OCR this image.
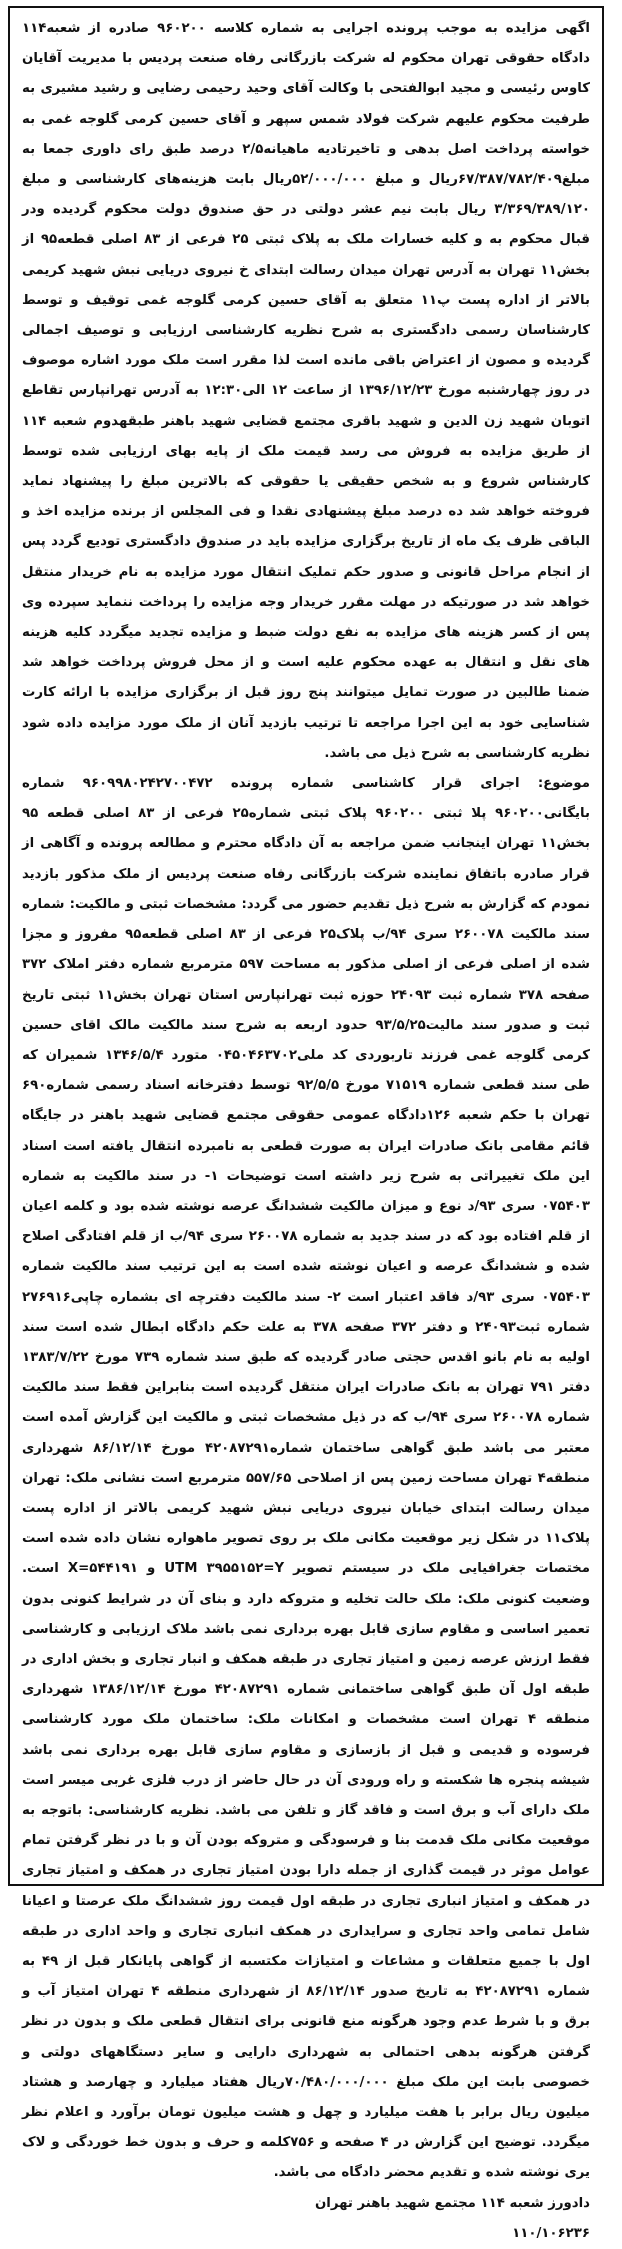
اگهی مزایده به موجب پرونده اجرایی به شماره کلاسه ۹۶۰۲۰۰ صادره از شعبه۱۱۴ دادگاه حقوقی تهران محکوم له شرکت بازرگانی رفاه صنعت پردیس با مدیریت آقایان کاوس رئیسی و مجید ابوالفتحی با وکالت آقای وحید رحیمی رضایی و رشید مشیری به طرفیت محکوم علیهم شرکت فولاد شمس سپهر و آقای حسین کرمی گلوجه غمی به خواسته پرداخت اصل بدهی و تاخیرتادیه ماهیانه۲/۵ درصد طبق رای داوری جمعا به مبلغ۶۷/۳۸۷/۷۸۲/۴۰۹ریال و مبلغ ۵۲/۰۰۰/۰۰۰ریال بابت هزینه‌های کارشناسی و مبلغ ۳/۳۶۹/۳۸۹/۱۲۰ ریال بابت نیم عشر دولتی در حق صندوق دولت محکوم گردیده ودر قبال محکوم به و کلیه خسارات ملک به پلاک ثبتی ۲۵ فرعی از ۸۳ اصلی قطعه۹۵ از بخش۱۱ تهران به آدرس تهران میدان رسالت ابتدای خ نیروی دریایی نبش شهید کریمی بالاتر از اداره پست پ۱۱ متعلق به آقای حسین کرمی گلوجه غمی توقیف و توسط کارشناسان رسمی دادگستری به شرح نظریه کارشناسی ارزیابی و توصیف اجمالی گردیده و مصون از اعتراض باقی مانده است لذا مقرر است ملک مورد اشاره موصوف در روز چهارشنبه مورخ ۱۳۹۶/۱۲/۲۳ از ساعت ۱۲ الی۱۲:۳۰ به آدرس تهرانپارس تقاطع اتوبان شهید زن الدین و شهید باقری مجتمع قضایی شهید باهنر طبقهدوم شعبه ۱۱۴ از طریق مزایده به فروش می رسد قیمت ملک از پایه بهای ارزیابی شده توسط کارشناس شروع و به شخص حقیقی یا حقوقی که بالاترین مبلغ را پیشنهاد نماید فروخته خواهد شد ده درصد مبلغ پیشنهادی نقدا و فی المجلس از برنده مزایده اخذ و الباقی ظرف یک ماه از تاریخ برگزاری مزایده باید در صندوق دادگستری تودیع گردد پس از انجام مراحل قانونی و صدور حکم تملیک انتقال مورد مزایده به نام خریدار منتقل خواهد شد در صورتیکه در مهلت مقرر خریدار وجه مزایده را پرداخت ننماید سپرده وی پس از کسر هزینه های مزایده به نفع دولت ضبط و مزایده تجدید میگردد کلیه هزینه های نقل و انتقال به عهده محکوم علیه است و از محل فروش پرداخت خواهد شد ضمنا طالبین در صورت تمایل میتوانند پنج روز قبل از برگزاری مزایده با ارائه کارت شناسایی خود به این اجرا مراجعه تا ترتیب بازدید آنان از ملک مورد مزایده داده شود نظریه کارشناسی به شرح ذیل می باشد.

موضوع: اجرای قرار کاشناسی شماره پرونده ۹۶۰۹۹۸۰۲۴۲۷۰۰۴۷۲ شماره بایگانی۹۶۰۲۰۰ پلا ثبتی ۹۶۰۲۰۰ پلاک ثبتی شماره۲۵ فرعی از ۸۳ اصلی قطعه ۹۵ بخش۱۱ تهران اینجانب ضمن مراجعه به آن دادگاه محترم و مطالعه پرونده و آگاهی از قرار صادره باتفاق نماینده شرکت بازرگانی رفاه صنعت پردیس از ملک مذکور بازدید نمودم که گزارش به شرح ذیل تقدیم حضور می گردد: مشخصات ثبتی و مالکیت: شماره سند مالکیت ۲۶۰۰۷۸ سری ۹۴/ب پلاک۲۵ فرعی از ۸۳ اصلی قطعه۹۵ مفروز و مجزا شده از اصلی فرعی از اصلی مذکور به مساحت ۵۹۷ مترمربع شماره دفتر املاک ۳۷۲ صفحه ۳۷۸ شماره ثبت ۲۴۰۹۳ حوزه ثبت تهرانپارس استان تهران بخش۱۱ ثبتی تاریخ ثبت و صدور سند مالیت۹۳/۵/۲۵ حدود اربعه به شرح سند مالکیت مالک اقای حسین کرمی گلوجه غمی فرزند تاربوردی کد ملی۰۴۵۰۴۶۳۷۰۲ متورد ۱۳۴۶/۵/۴ شمیران که طی سند قطعی شماره ۷۱۵۱۹ مورخ ۹۲/۵/۵ توسط دفترخانه اسناد رسمی شماره۶۹۰ تهران با حکم شعبه ۱۲۶دادگاه عمومی حقوقی مجتمع قضایی شهید باهنر در جایگاه قائم مقامی بانک صادرات ایران به صورت قطعی به نامبرده انتقال یافته است اسناد این ملک تغییراتی به شرح زیر داشته است توضیحات ۱- در سند مالکیت به شماره ۰۷۵۴۰۳ سری ۹۳/د نوع و میزان مالکیت ششدانگ عرصه نوشته شده بود و کلمه اعیان از قلم افتاده بود که در سند جدید به شماره ۲۶۰۰۷۸ سری ۹۴/ب از قلم افتادگی اصلاح شده و ششدانگ عرصه و اعیان نوشته شده است به این ترتیب سند مالکیت شماره ۰۷۵۴۰۳ سری ۹۳/د فاقد اعتبار است ۲- سند مالکیت دفترچه ای بشماره چاپی۲۷۶۹۱۶ شماره ثبت۲۴۰۹۳ و دفتر ۳۷۲ صفحه ۳۷۸ به علت حکم دادگاه ابطال شده است سند اولیه به نام بانو اقدس حجتی صادر گردیده که طبق سند شماره ۷۳۹ مورخ ۱۳۸۳/۷/۲۲ دفتر ۷۹۱ تهران به بانک صادرات ایران منتقل گردیده است بنابراین فقط سند مالکیت شماره ۲۶۰۰۷۸ سری ۹۴/ب که در ذیل مشخصات ثبتی و مالکیت این گزارش آمده است معتبر می باشد طبق گواهی ساختمان شماره۴۲۰۸۷۲۹۱ مورخ ۸۶/۱۲/۱۴ شهرداری منطقه۴ تهران مساحت زمین پس از اصلاحی ۵۵۷/۶۵ مترمربع است نشانی ملک: تهران میدان رسالت ابتدای خیابان نیروی دریایی نبش شهید کریمی بالاتر از اداره پست پلاک۱۱ در شکل زیر موقعیت مکانی ملک بر روی تصویر ماهواره نشان داده شده است مختصات جغرافیایی ملک در سیستم تصویر UTM ۳۹۵۵۱۵۲=Y و ۵۴۴۱۹۱=X است. وضعیت کنونی ملک: ملک حالت تخلیه و متروکه دارد و بنای آن در شرایط کنونی بدون تعمیر اساسی و مقاوم سازی قابل بهره برداری نمی باشد ملاک ارزیابی و کارشناسی فقط ارزش عرصه زمین و امتیاز تجاری در طبقه همکف و انبار تجاری و بخش اداری در طبقه اول آن طبق گواهی ساختمانی شماره ۴۲۰۸۷۲۹۱ مورخ ۱۳۸۶/۱۲/۱۴ شهرداری منطقه ۴ تهران است مشخصات و امکانات ملک: ساختمان ملک مورد کارشناسی فرسوده و قدیمی و قبل از بازسازی و مقاوم سازی قابل بهره برداری نمی باشد شیشه پنجره ها شکسته و راه ورودی آن در حال حاضر از درب فلزی غربی میسر است ملک دارای آب و برق است و فاقد گاز و تلفن می باشد. نظریه کارشناسی: باتوجه به موقعیت مکانی ملک قدمت بنا و فرسودگی و متروکه بودن آن و با در نظر گرفتن تمام عوامل موثر در قیمت گذاری از جمله دارا بودن امتیاز تجاری در همکف و امتیاز تجاری در همکف و امتیاز انباری تجاری در طبقه اول قیمت روز ششدانگ ملک عرصتا و اعیانا شامل تمامی واحد تجاری و سرایداری در همکف انباری تجاری و واحد اداری در طبقه اول با جمیع متعلقات و مشاعات و امتیازات مکتسبه از گواهی پایانکار قبل از ۴۹ به شماره ۴۲۰۸۷۲۹۱ به تاریخ صدور ۸۶/۱۲/۱۴ از شهرداری منطقه ۴ تهران امتیاز آب و برق و با شرط عدم وجود هرگونه منع قانونی برای انتقال قطعی ملک و بدون در نظر گرفتن هرگونه بدهی احتمالی به شهرداری دارایی و سایر دستگاههای دولتی و خصوصی بابت این ملک مبلغ ۷۰/۴۸۰/۰۰۰/۰۰۰ریال هفتاد میلیارد و چهارصد و هشتاد میلیون ریال برابر با هفت میلیارد و چهل و هشت میلیون تومان برآورد و اعلام نظر میگردد. توضیح این گزارش در ۴ صفحه و ۷۵۶کلمه و حرف و بدون خط خوردگی و لاک یری نوشته شده و تقدیم محضر دادگاه می باشد.

دادورز شعبه ۱۱۴ مجتمع شهید باهنر تهران
۱۱۰/۱۰۶۲۳۶
